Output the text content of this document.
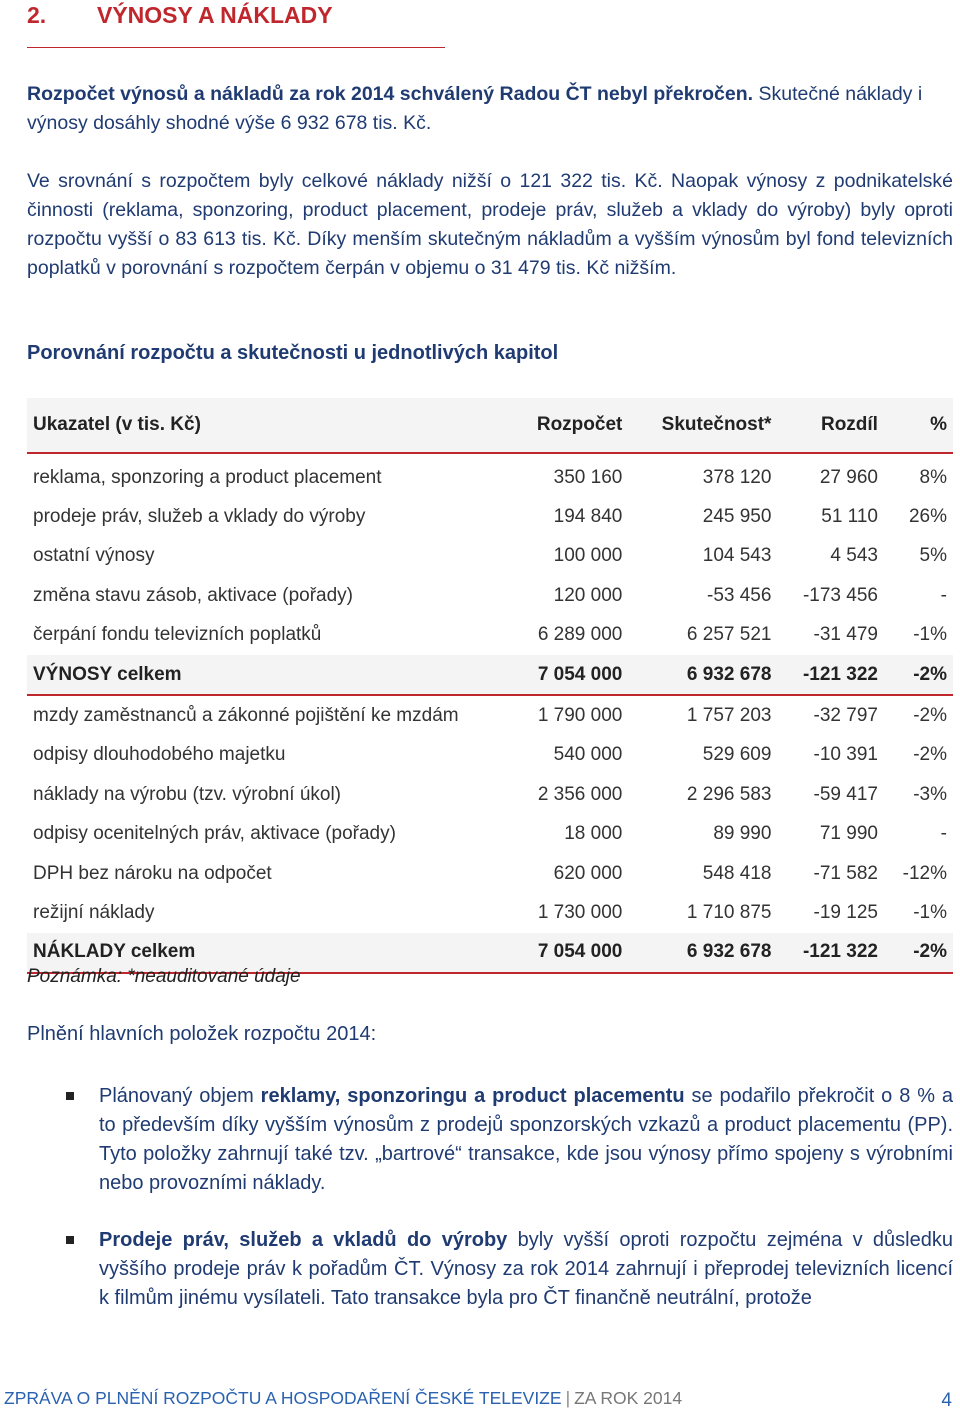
2. VÝNOSY A NÁKLADY
Rozpočet výnosů a nákladů za rok 2014 schválený Radou ČT nebyl překročen. Skutečné náklady i výnosy dosáhly shodné výše 6 932 678 tis. Kč.
Ve srovnání s rozpočtem byly celkové náklady nižší o 121 322 tis. Kč. Naopak výnosy z podnikatelské činnosti (reklama, sponzoring, product placement, prodeje práv, služeb a vklady do výroby) byly oproti rozpočtu vyšší o 83 613 tis. Kč. Díky menším skutečným nákladům a vyšším výnosům byl fond televizních poplatků v porovnání s rozpočtem čerpán v objemu o 31 479 tis. Kč nižším.
Porovnání rozpočtu a skutečnosti u jednotlivých kapitol
Ukazatel (v tis. Kč)	Rozpočet	Skutečnost*	Rozdíl	%
reklama, sponzoring a product placement	350 160	378 120	27 960	8%
prodeje práv, služeb a vklady do výroby	194 840	245 950	51 110	26%
ostatní výnosy	100 000	104 543	4 543	5%
změna stavu zásob, aktivace (pořady)	120 000	-53 456	-173 456	-
čerpání fondu televizních poplatků	6 289 000	6 257 521	-31 479	-1%
VÝNOSY celkem	7 054 000	6 932 678	-121 322	-2%
mzdy zaměstnanců a zákonné pojištění ke mzdám	1 790 000	1 757 203	-32 797	-2%
odpisy dlouhodobého majetku	540 000	529 609	-10 391	-2%
náklady na výrobu (tzv. výrobní úkol)	2 356 000	2 296 583	-59 417	-3%
odpisy ocenitelných práv, aktivace (pořady)	18 000	89 990	71 990	-
DPH bez nároku na odpočet	620 000	548 418	-71 582	-12%
režijní náklady	1 730 000	1 710 875	-19 125	-1%
NÁKLADY celkem	7 054 000	6 932 678	-121 322	-2%
Poznámka: *neauditované údaje
Plnění hlavních položek rozpočtu 2014:
Plánovaný objem reklamy, sponzoringu a product placementu se podařilo překročit o 8 % a to především díky vyšším výnosům z prodejů sponzorských vzkazů a product placementu (PP). Tyto položky zahrnují také tzv. „bartrové“ transakce, kde jsou výnosy přímo spojeny s výrobními nebo provozními náklady.
Prodeje práv, služeb a vkladů do výroby byly vyšší oproti rozpočtu zejména v důsledku vyššího prodeje práv k pořadům ČT. Výnosy za rok 2014 zahrnují i přeprodej televizních licencí k filmům jinému vysílateli. Tato transakce byla pro ČT finančně neutrální, protože
ZPRÁVA O PLNĚNÍ ROZPOČTU A HOSPODAŘENÍ ČESKÉ TELEVIZE | ZA ROK 2014	4
